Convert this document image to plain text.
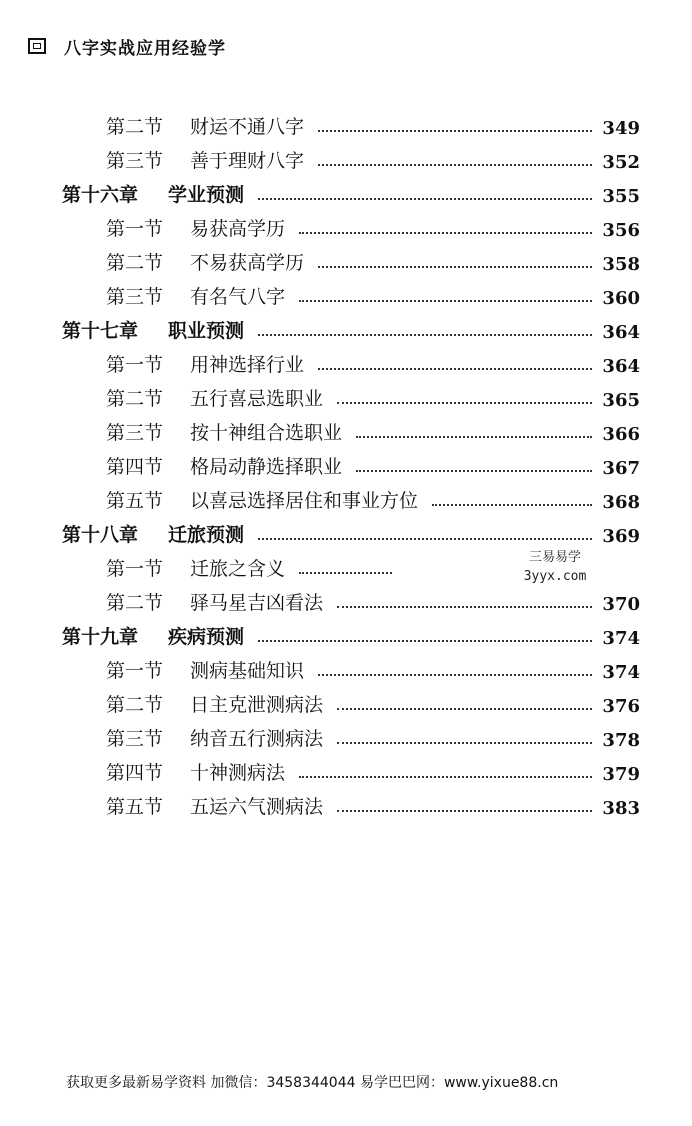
八字实战应用经验学
第二节	财运不通八字	349
第三节	善于理财八字	352
第十六章	学业预测	355
第一节	易获高学历	356
第二节	不易获高学历	358
第三节	有名气八字	360
第十七章	职业预测	364
第一节	用神选择行业	364
第二节	五行喜忌选职业	365
第三节	按十神组合选职业	366
第四节	格局动静选择职业	367
第五节	以喜忌选择居住和事业方位	368
第十八章	迁旅预测	369
第一节	迁旅之含义
第二节	驿马星吉凶看法	370
第十九章	疾病预测	374
第一节	测病基础知识	374
第二节	日主克泄测病法	376
第三节	纳音五行测病法	378
第四节	十神测病法	379
第五节	五运六气测病法	383
三易易学
3yyx.com
获取更多最新易学资料 加微信：3458344044 易学巴巴网：www.yixue88.cn
